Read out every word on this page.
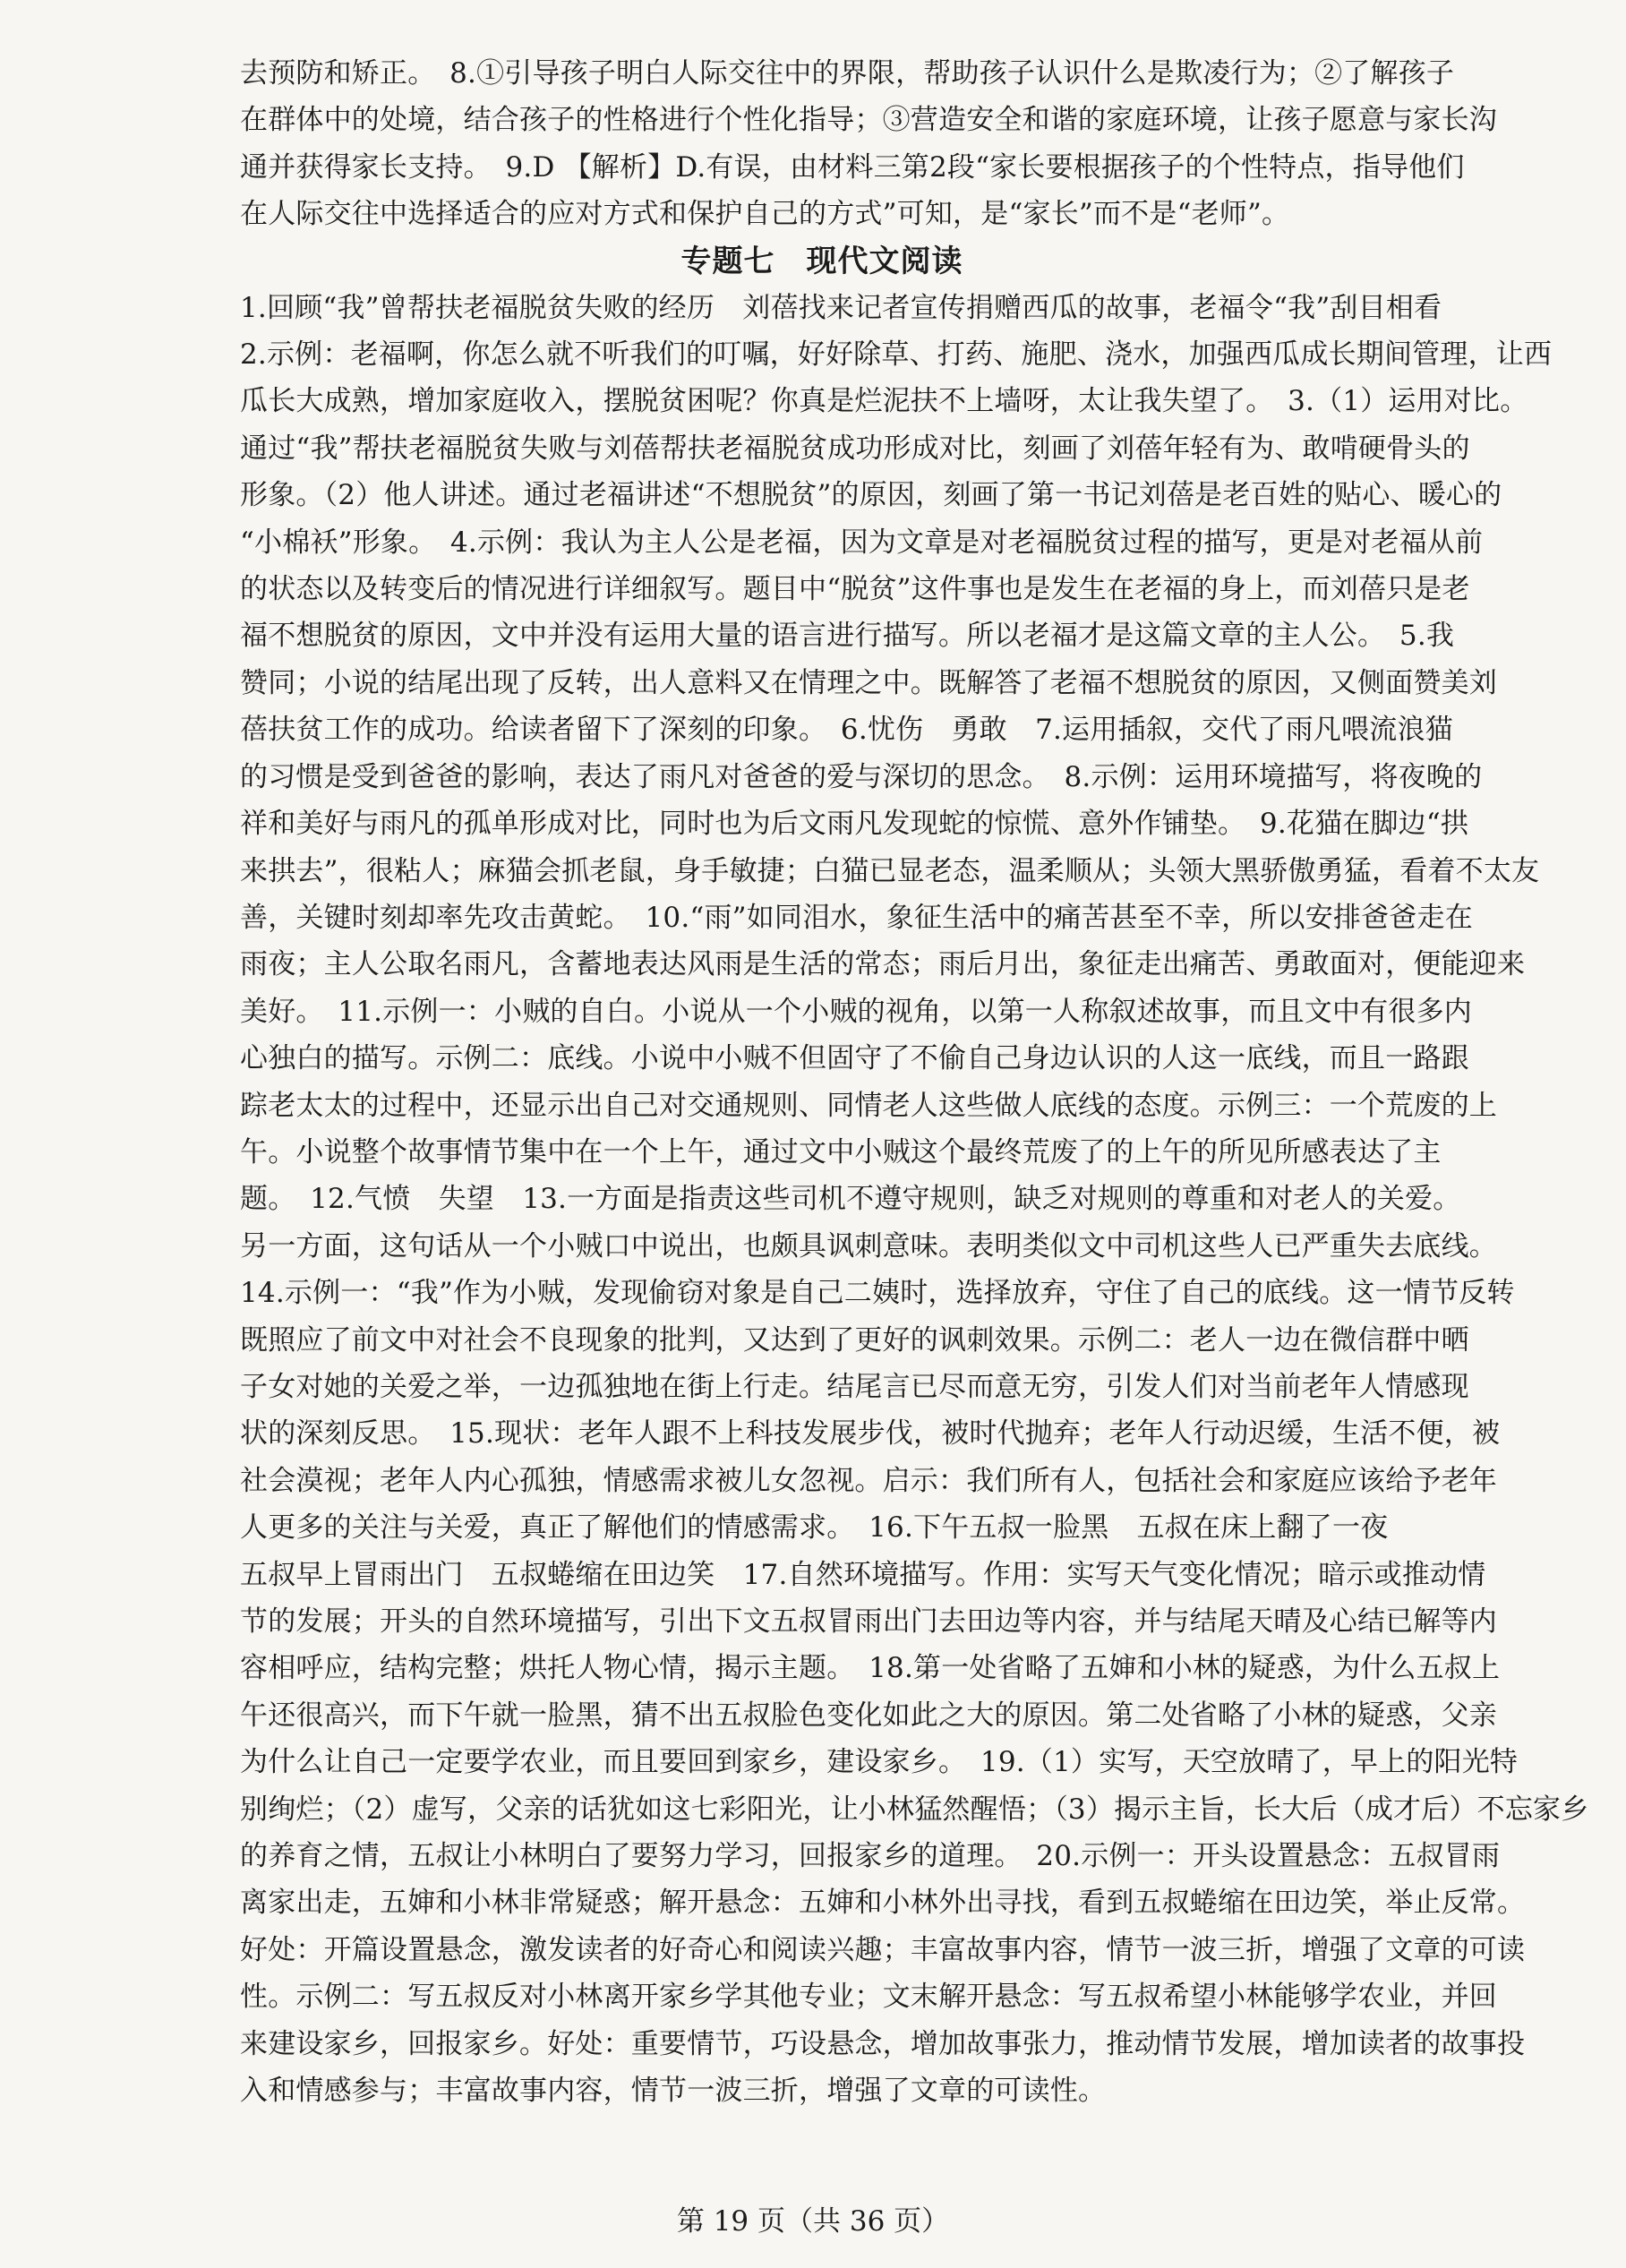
去预防和矫正。　8.①引导孩子明白人际交往中的界限，帮助孩子认识什么是欺凌行为；②了解孩子
在群体中的处境，结合孩子的性格进行个性化指导；③营造安全和谐的家庭环境，让孩子愿意与家长沟
通并获得家长支持。　9.D 【解析】D.有误，由材料三第2段“家长要根据孩子的个性特点，指导他们
在人际交往中选择适合的应对方式和保护自己的方式”可知，是“家长”而不是“老师”。
专题七　现代文阅读
1.回顾“我”曾帮扶老福脱贫失败的经历　刘蓓找来记者宣传捐赠西瓜的故事，老福令“我”刮目相看
2.示例：老福啊，你怎么就不听我们的叮嘱，好好除草、打药、施肥、浇水，加强西瓜成长期间管理，让西
瓜长大成熟，增加家庭收入，摆脱贫困呢？你真是烂泥扶不上墙呀，太让我失望了。　3.（1）运用对比。
通过“我”帮扶老福脱贫失败与刘蓓帮扶老福脱贫成功形成对比，刻画了刘蓓年轻有为、敢啃硬骨头的
形象。（2）他人讲述。通过老福讲述“不想脱贫”的原因，刻画了第一书记刘蓓是老百姓的贴心、暖心的
“小棉袄”形象。　4.示例：我认为主人公是老福，因为文章是对老福脱贫过程的描写，更是对老福从前
的状态以及转变后的情况进行详细叙写。题目中“脱贫”这件事也是发生在老福的身上，而刘蓓只是老
福不想脱贫的原因，文中并没有运用大量的语言进行描写。所以老福才是这篇文章的主人公。　5.我
赞同；小说的结尾出现了反转，出人意料又在情理之中。既解答了老福不想脱贫的原因，又侧面赞美刘
蓓扶贫工作的成功。给读者留下了深刻的印象。　6.忧伤　勇敢　7.运用插叙，交代了雨凡喂流浪猫
的习惯是受到爸爸的影响，表达了雨凡对爸爸的爱与深切的思念。　8.示例：运用环境描写，将夜晚的
祥和美好与雨凡的孤单形成对比，同时也为后文雨凡发现蛇的惊慌、意外作铺垫。　9.花猫在脚边“拱
来拱去”，很粘人；麻猫会抓老鼠，身手敏捷；白猫已显老态，温柔顺从；头领大黑骄傲勇猛，看着不太友
善，关键时刻却率先攻击黄蛇。　10.“雨”如同泪水，象征生活中的痛苦甚至不幸，所以安排爸爸走在
雨夜；主人公取名雨凡，含蓄地表达风雨是生活的常态；雨后月出，象征走出痛苦、勇敢面对，便能迎来
美好。　11.示例一：小贼的自白。小说从一个小贼的视角，以第一人称叙述故事，而且文中有很多内
心独白的描写。示例二：底线。小说中小贼不但固守了不偷自己身边认识的人这一底线，而且一路跟
踪老太太的过程中，还显示出自己对交通规则、同情老人这些做人底线的态度。示例三：一个荒废的上
午。小说整个故事情节集中在一个上午，通过文中小贼这个最终荒废了的上午的所见所感表达了主
题。　12.气愤　失望　13.一方面是指责这些司机不遵守规则，缺乏对规则的尊重和对老人的关爱。
另一方面，这句话从一个小贼口中说出，也颇具讽刺意味。表明类似文中司机这些人已严重失去底线。
14.示例一：“我”作为小贼，发现偷窃对象是自己二姨时，选择放弃，守住了自己的底线。这一情节反转
既照应了前文中对社会不良现象的批判，又达到了更好的讽刺效果。示例二：老人一边在微信群中晒
子女对她的关爱之举，一边孤独地在街上行走。结尾言已尽而意无穷，引发人们对当前老年人情感现
状的深刻反思。　15.现状：老年人跟不上科技发展步伐，被时代抛弃；老年人行动迟缓，生活不便，被
社会漠视；老年人内心孤独，情感需求被儿女忽视。启示：我们所有人，包括社会和家庭应该给予老年
人更多的关注与关爱，真正了解他们的情感需求。　16.下午五叔一脸黑　五叔在床上翻了一夜
五叔早上冒雨出门　五叔蜷缩在田边笑　17.自然环境描写。作用：实写天气变化情况；暗示或推动情
节的发展；开头的自然环境描写，引出下文五叔冒雨出门去田边等内容，并与结尾天晴及心结已解等内
容相呼应，结构完整；烘托人物心情，揭示主题。　18.第一处省略了五婶和小林的疑惑，为什么五叔上
午还很高兴，而下午就一脸黑，猜不出五叔脸色变化如此之大的原因。第二处省略了小林的疑惑，父亲
为什么让自己一定要学农业，而且要回到家乡，建设家乡。　19.（1）实写，天空放晴了，早上的阳光特
别绚烂；（2）虚写，父亲的话犹如这七彩阳光，让小林猛然醒悟；（3）揭示主旨，长大后（成才后）不忘家乡
的养育之情，五叔让小林明白了要努力学习，回报家乡的道理。　20.示例一：开头设置悬念：五叔冒雨
离家出走，五婶和小林非常疑惑；解开悬念：五婶和小林外出寻找，看到五叔蜷缩在田边笑，举止反常。
好处：开篇设置悬念，激发读者的好奇心和阅读兴趣；丰富故事内容，情节一波三折，增强了文章的可读
性。示例二：写五叔反对小林离开家乡学其他专业；文末解开悬念：写五叔希望小林能够学农业，并回
来建设家乡，回报家乡。好处：重要情节，巧设悬念，增加故事张力，推动情节发展，增加读者的故事投
入和情感参与；丰富故事内容，情节一波三折，增强了文章的可读性。
第 19 页（共 36 页）
